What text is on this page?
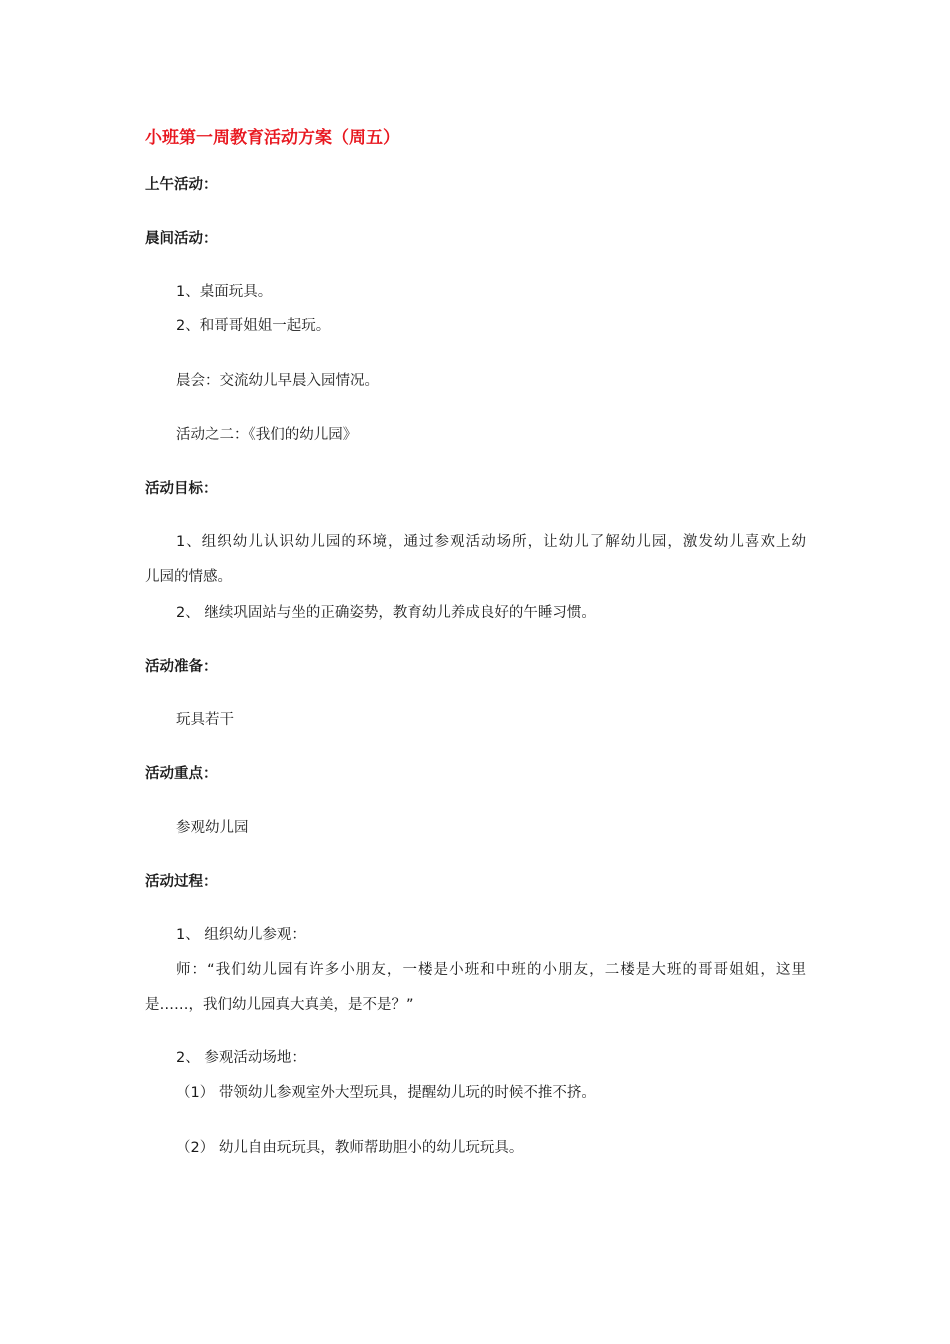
小班第一周教育活动方案（周五）
上午活动：
晨间活动：
1、桌面玩具。
2、和哥哥姐姐一起玩。
晨会：交流幼儿早晨入园情况。
活动之二：《我们的幼儿园》
活动目标：
1、组织幼儿认识幼儿园的环境，通过参观活动场所，让幼儿了解幼儿园，激发幼儿喜欢上幼
儿园的情感。
2、 继续巩固站与坐的正确姿势，教育幼儿养成良好的午睡习惯。
活动准备：
玩具若干
活动重点：
参观幼儿园
活动过程：
1、 组织幼儿参观：
师：“我们幼儿园有许多小朋友，一楼是小班和中班的小朋友，二楼是大班的哥哥姐姐，这里
是……，我们幼儿园真大真美，是不是？”
2、 参观活动场地：
（1） 带领幼儿参观室外大型玩具，提醒幼儿玩的时候不推不挤。
（2） 幼儿自由玩玩具，教师帮助胆小的幼儿玩玩具。
